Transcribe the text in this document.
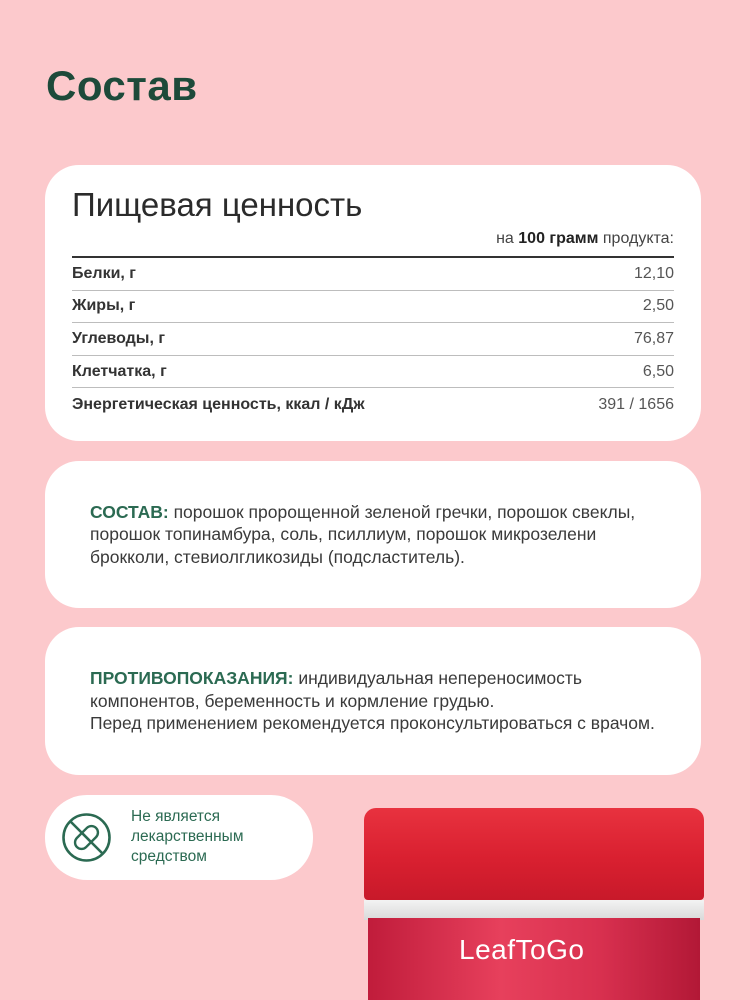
Состав
Пищевая ценность
на 100 грамм продукта:
Белки, г	12,10
Жиры, г	2,50
Углеводы, г	76,87
Клетчатка, г	6,50
Энергетическая ценность, ккал / кДж	391 / 1656

СОСТАВ: порошок пророщенной зеленой гречки, порошок свеклы, порошок топинамбура, соль, псиллиум, порошок микрозелени брокколи, стевиолгликозиды (подсластитель).

ПРОТИВОПОКАЗАНИЯ: индивидуальная непереносимость компонентов, беременность и кормление грудью.
Перед применением рекомендуется проконсультироваться с врачом.

Не является
лекарственным
средством
LeafToGo
